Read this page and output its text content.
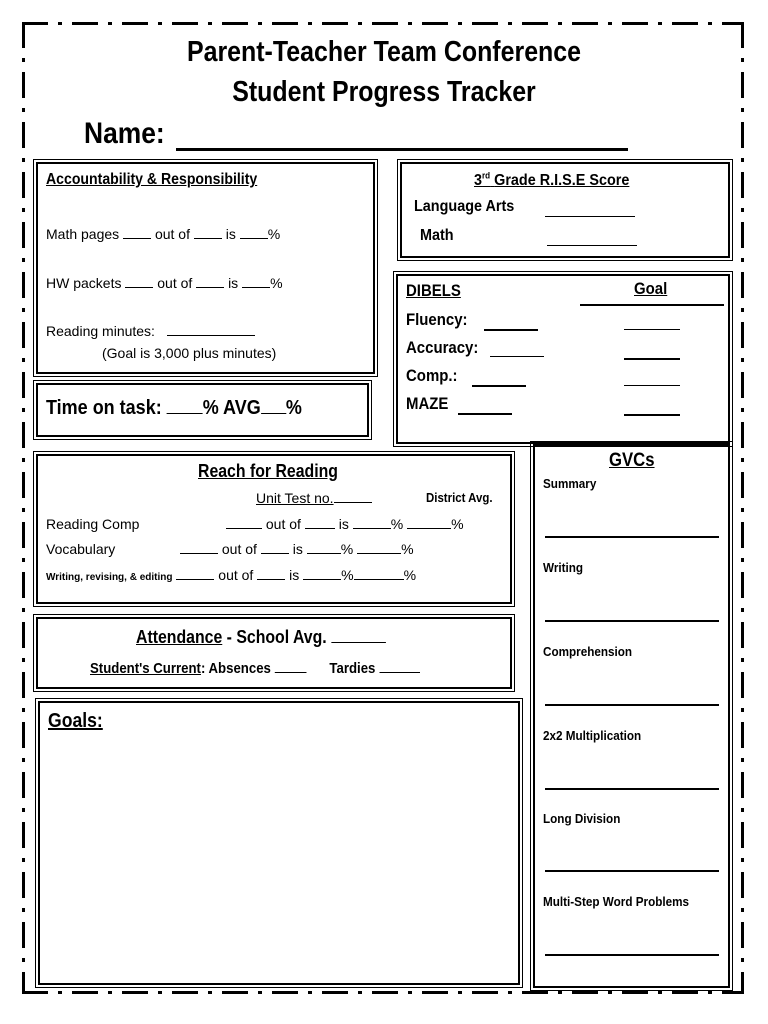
Parent-Teacher Team Conference
Student Progress Tracker
Name:
Accountability & Responsibility
Math pages	out of	is %
HW packets	out of	is %
Reading minutes:
(Goal is 3,000 plus minutes)
Time on task: % AVG %
3rd Grade R.I.S.E Score
Language Arts
Math
DIBELS	Goal
Fluency:
Accuracy:
Comp.:
MAZE
Reach for Reading
Unit Test no.	District Avg.
Reading Comp	out of	is	%	%
Vocabulary	out of	is	%	%
Writing, revising, & editing	out of	is	%	%
Attendance - School Avg.
Student's Current: Absences	Tardies
Goals:
GVCs
Summary
Writing
Comprehension
2x2 Multiplication
Long Division
Multi-Step Word Problems
